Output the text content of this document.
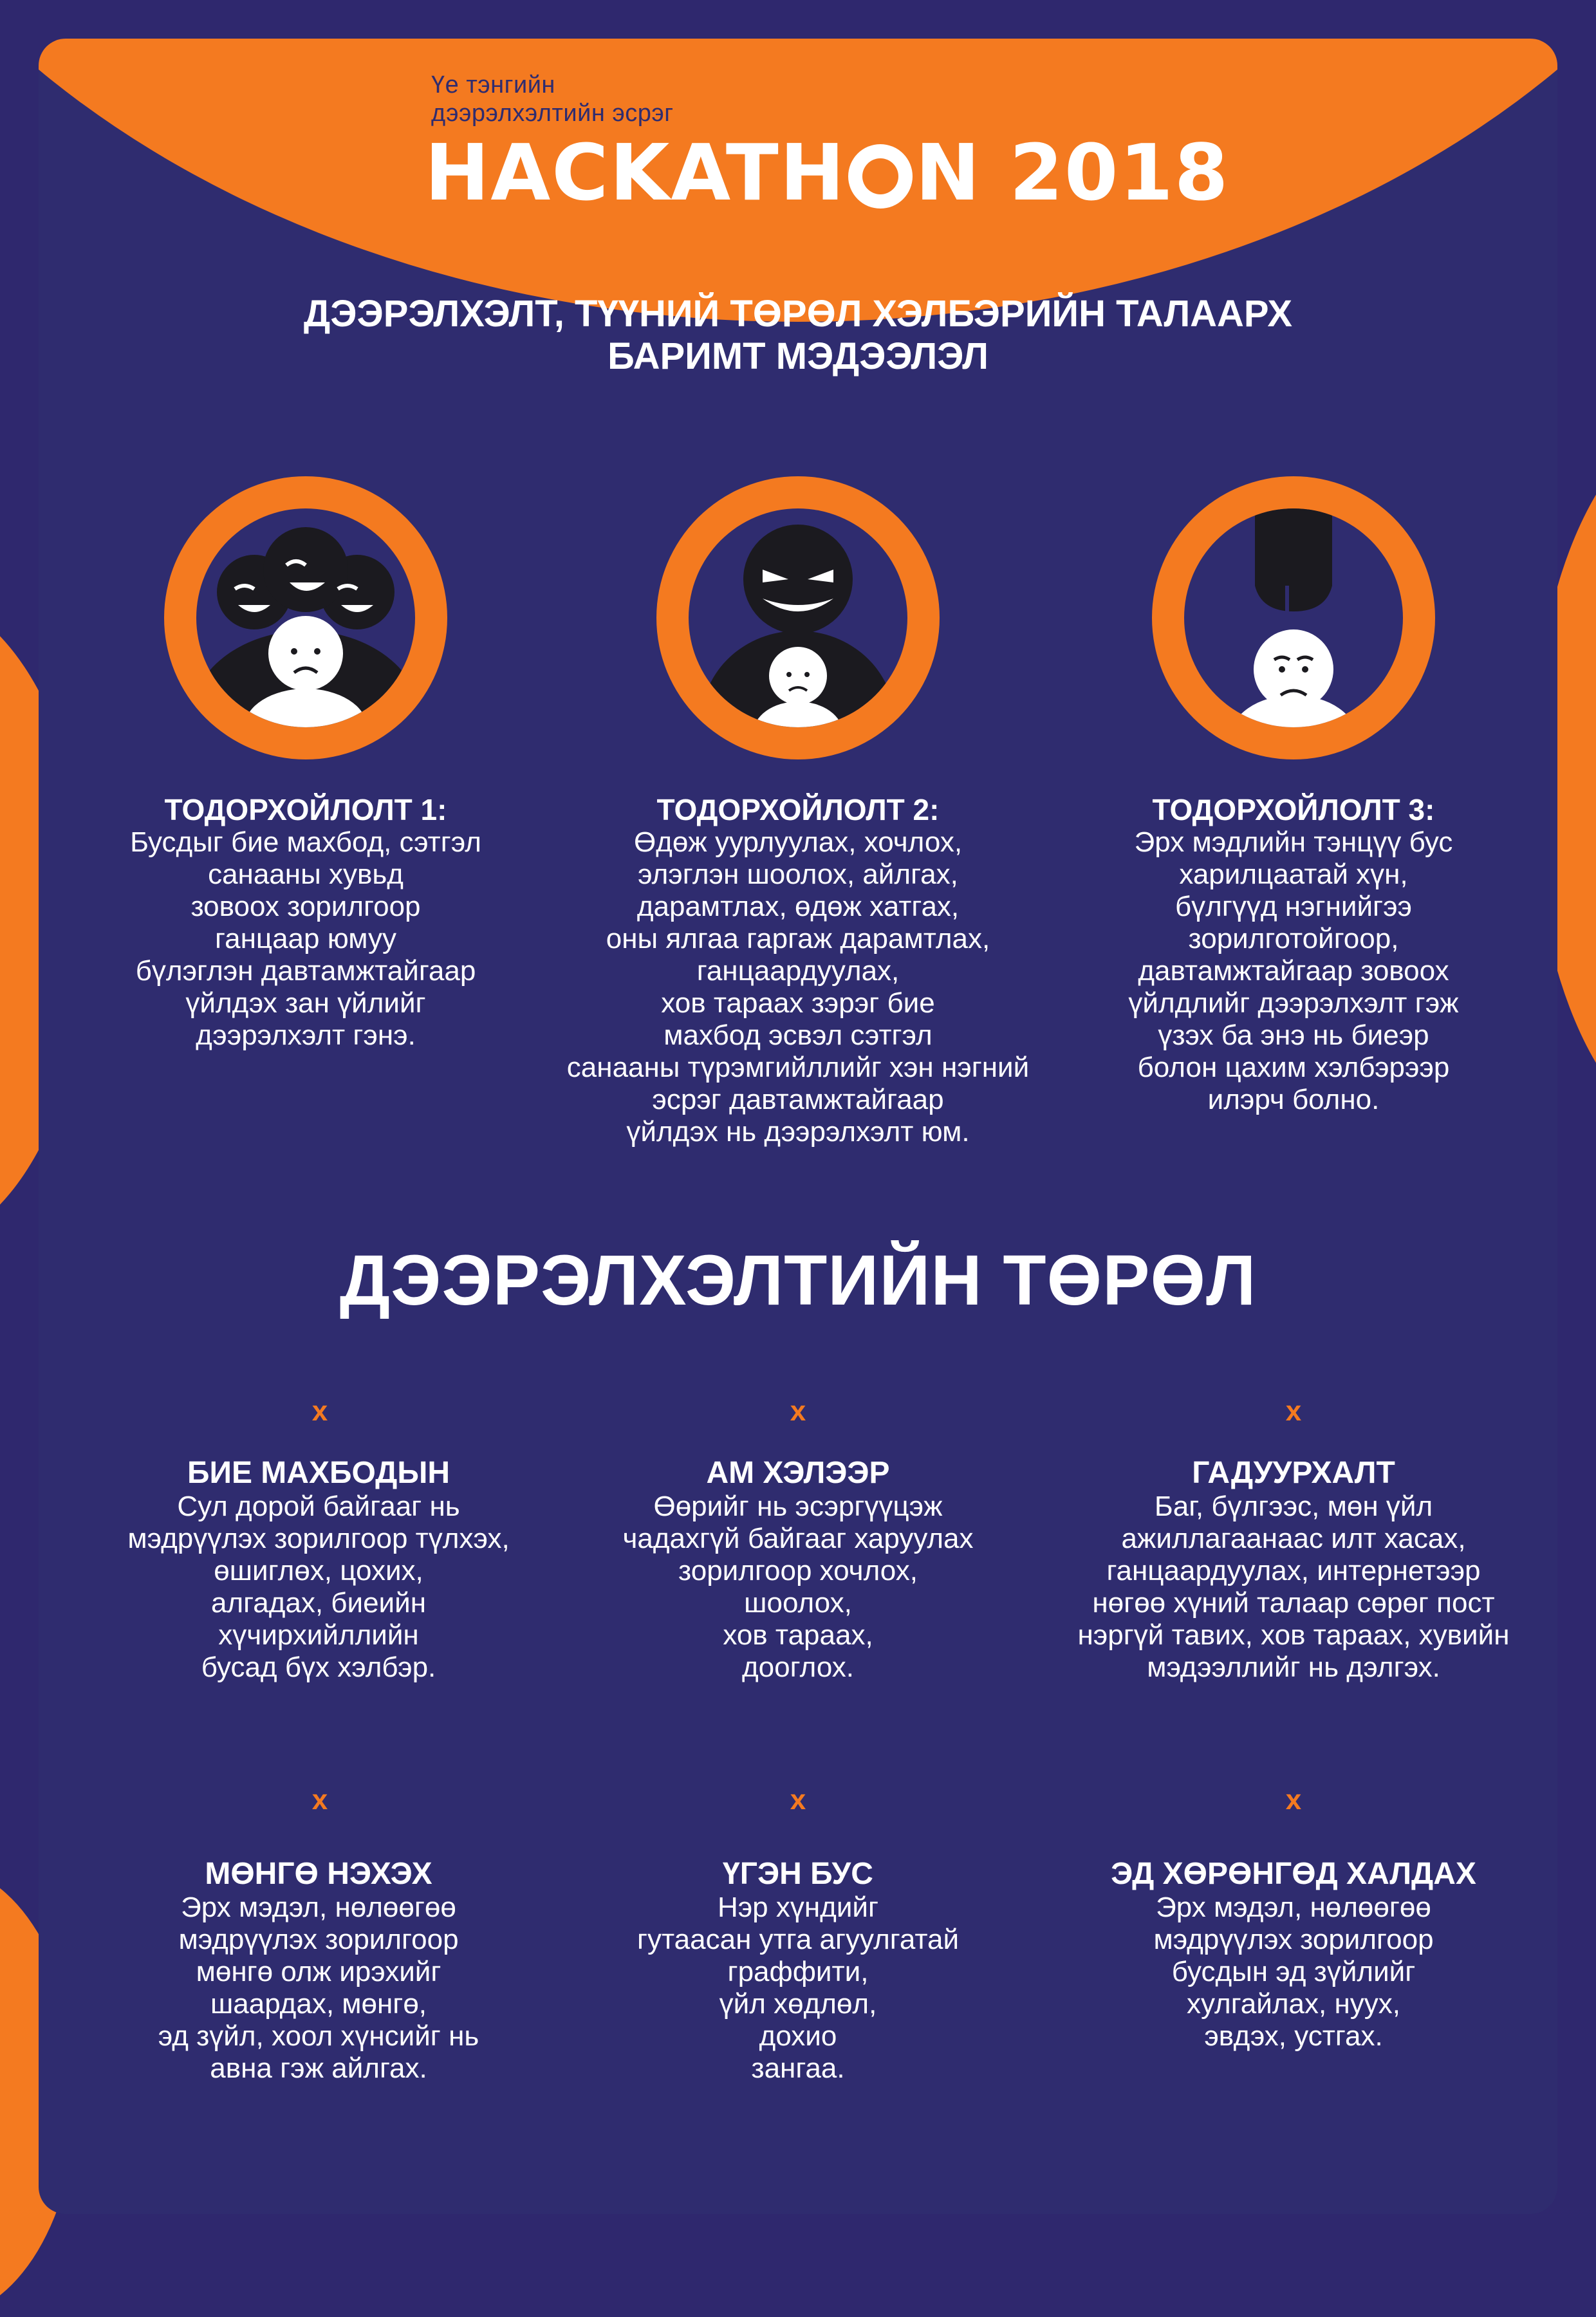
Үе тэнгийн
дээрэлхэлтийн эсрэг
HACKATH N 2018
ДЭЭРЭЛХЭЛТ, ТҮҮНИЙ ТӨРӨЛ ХЭЛБЭРИЙН ТАЛААРХ
БАРИМТ МЭДЭЭЛЭЛ
ТОДОРХОЙЛОЛТ 1:
Бусдыг бие махбод, сэтгэл
санааны хувьд
зовоох зорилгоор
ганцаар юмуу
бүлэглэн давтамжтайгаар
үйлдэх зан үйлийг
дээрэлхэлт гэнэ.
ТОДОРХОЙЛОЛТ 2:
Өдөж уурлуулах, хочлох,
элэглэн шоолох, айлгах,
дарамтлах, өдөж хатгах,
оны ялгаа гаргаж дарамтлах,
ганцаардуулах,
хов тараах зэрэг бие
махбод эсвэл сэтгэл
санааны түрэмгийллийг хэн нэгний
эсрэг давтамжтайгаар
үйлдэх нь дээрэлхэлт юм.
ТОДОРХОЙЛОЛТ 3:
Эрх мэдлийн тэнцүү бус
харилцаатай хүн,
бүлгүүд нэгнийгээ
зорилготойгоор,
давтамжтайгаар зовоох
үйлдлийг дээрэлхэлт гэж
үзэх ба энэ нь биеэр
болон цахим хэлбэрээр
илэрч болно.
ДЭЭРЭЛХЭЛТИЙН ТӨРӨЛ
x	x	x
БИЕ МАХБОДЫН
Сул дорой байгааг нь
мэдрүүлэх зорилгоор түлхэх,
өшиглөх, цохих,
алгадах, биеийн
хүчирхийллийн
бусад бүх хэлбэр.
АМ ХЭЛЭЭР
Өөрийг нь эсэргүүцэж
чадахгүй байгааг харуулах
зорилгоор хочлох,
шоолох,
хов тараах,
дооглох.
ГАДУУРХАЛТ
Баг, бүлгээс, мөн үйл
ажиллагаанаас илт хасах,
ганцаардуулах, интернетээр
нөгөө хүний талаар сөрөг пост
нэргүй тавих, хов тараах, хувийн
мэдээллийг нь дэлгэх.
x	x	x
МӨНГӨ НЭХЭХ
Эрх мэдэл, нөлөөгөө
мэдрүүлэх зорилгоор
мөнгө олж ирэхийг
шаардах, мөнгө,
эд зүйл, хоол хүнсийг нь
авна гэж айлгах.
ҮГЭН БУС
Нэр хүндийг
гутаасан утга агуулгатай
граффити,
үйл хөдлөл,
дохио
зангаа.
ЭД ХӨРӨНГӨД ХАЛДАХ
Эрх мэдэл, нөлөөгөө
мэдрүүлэх зорилгоор
бусдын эд зүйлийг
хулгайлах, нуух,
эвдэх, устгах.
